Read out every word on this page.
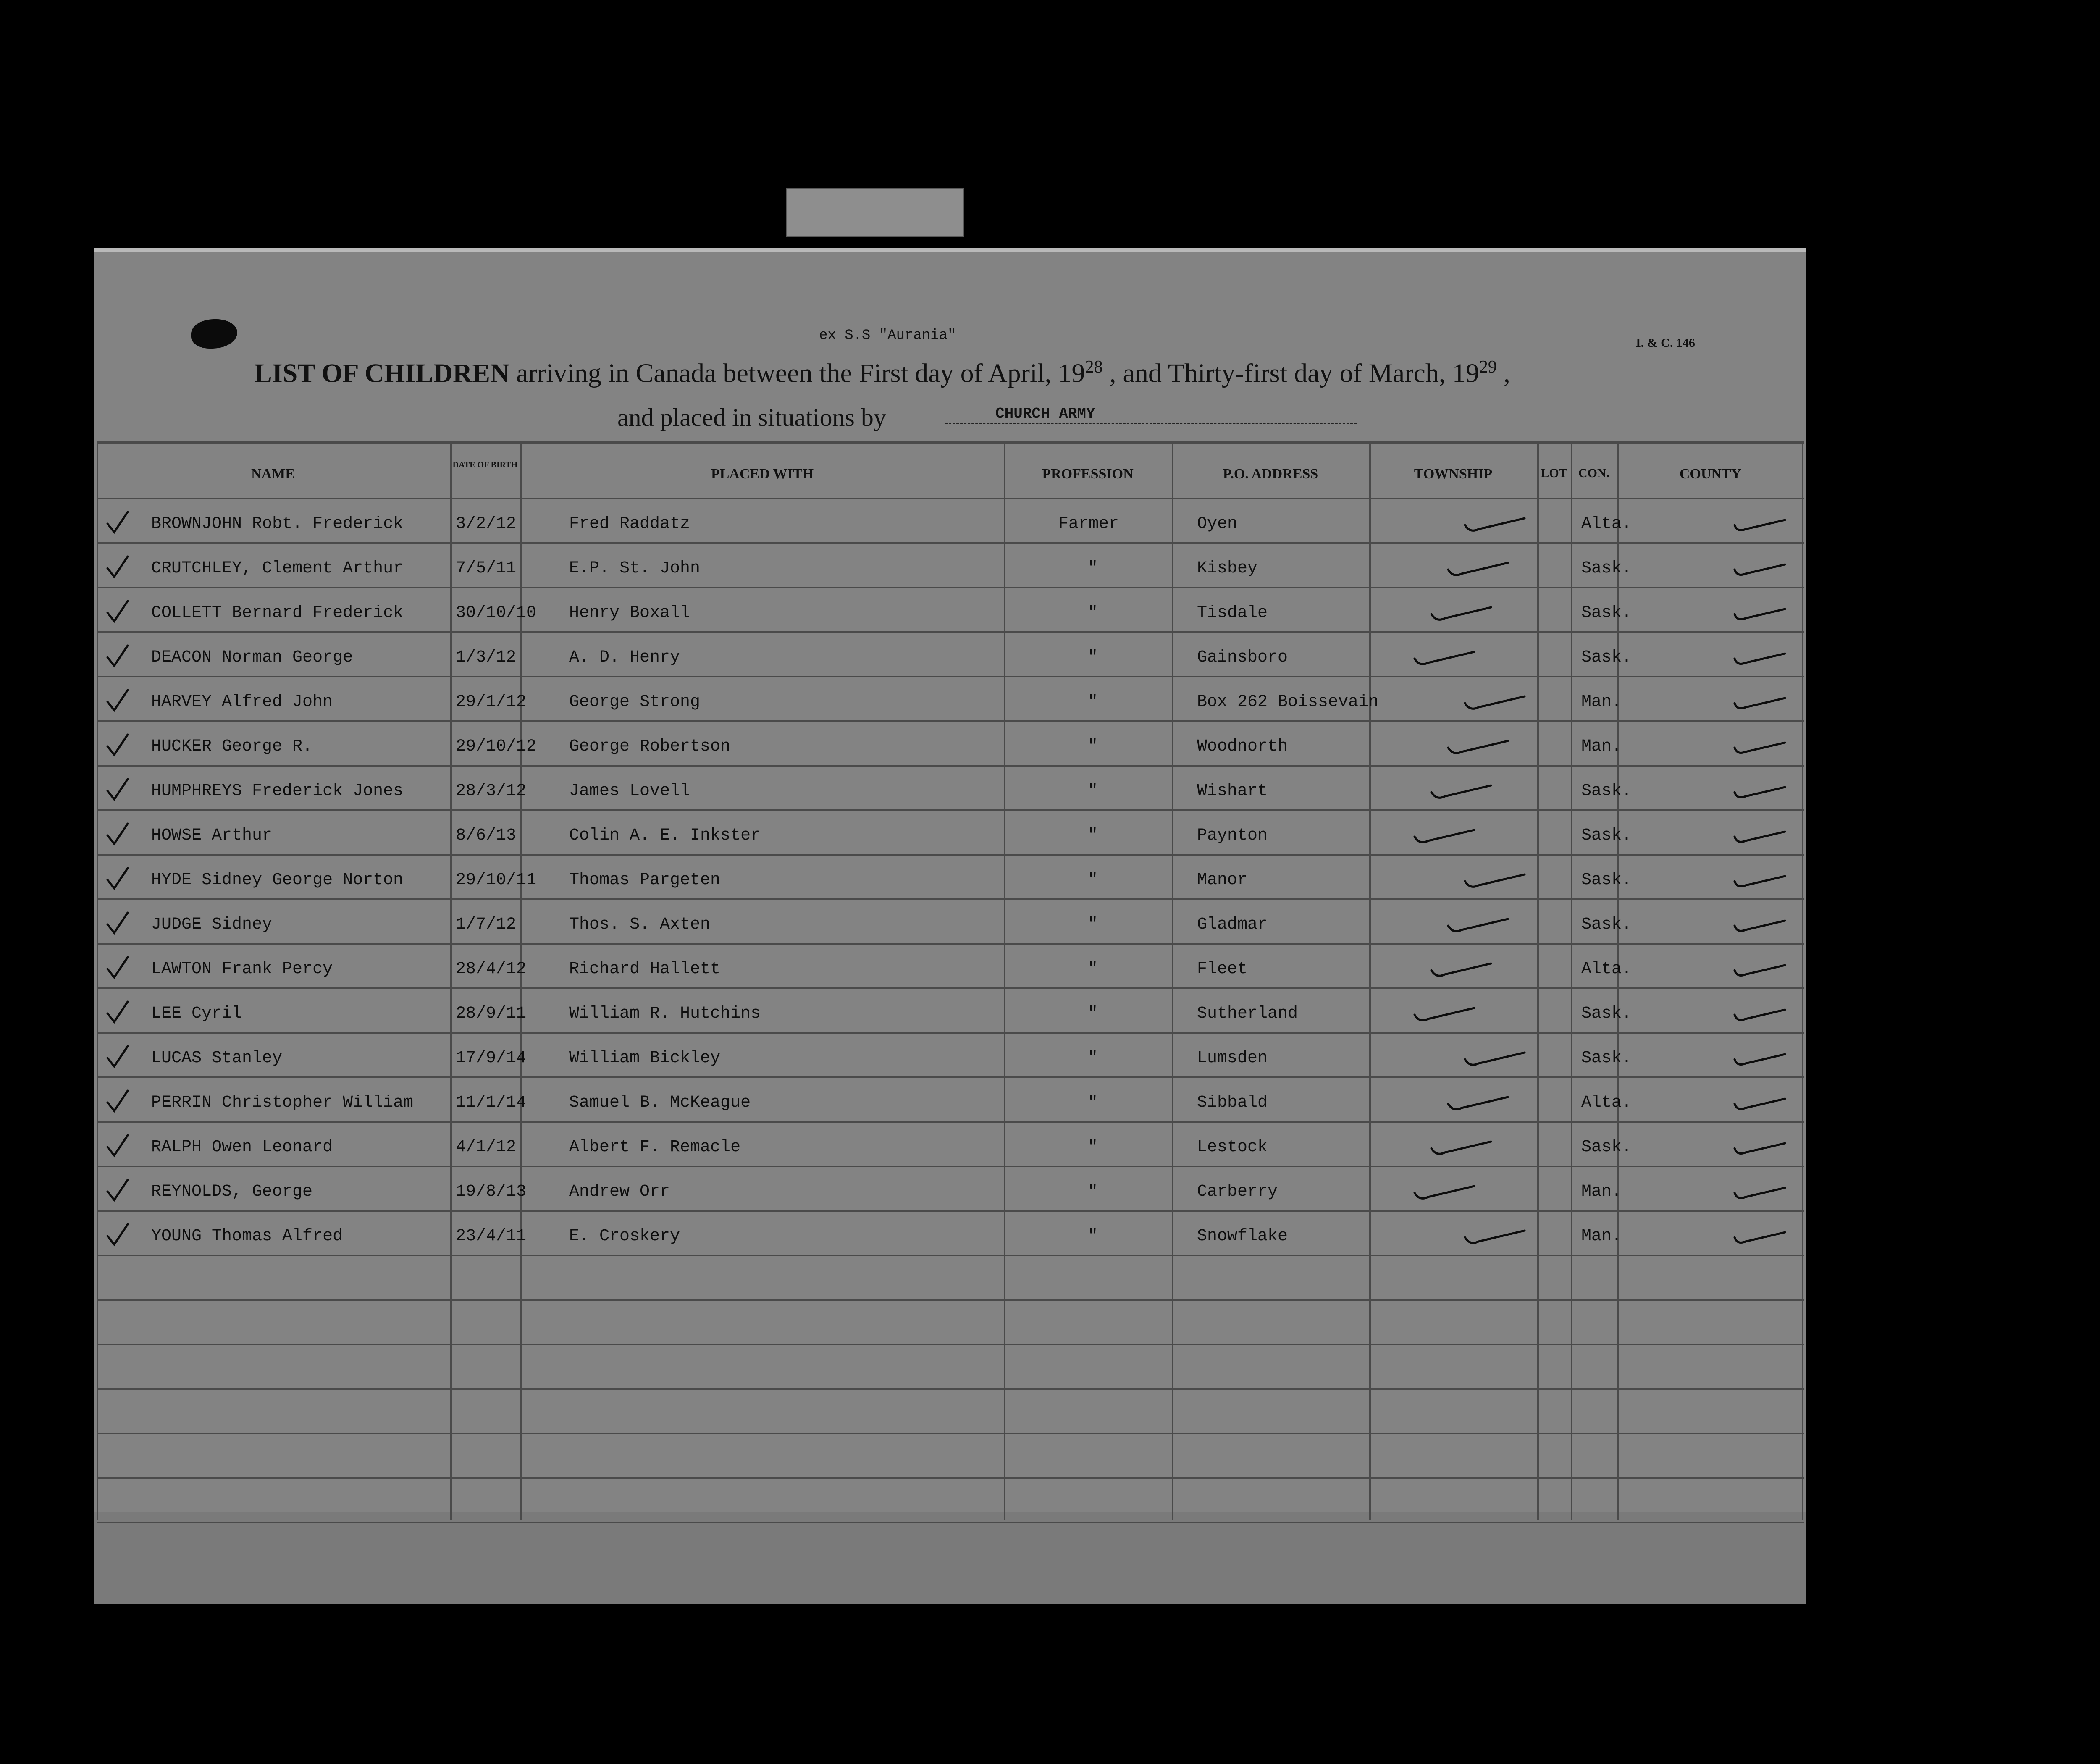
ex S.S "Aurania"	I. & C. 146
LIST OF CHILDREN arriving in Canada between the First day of April, $19^{28}$ , and Thirty-first day of March, $19^{29}$ ,
and placed in situations by	CHURCH ARMY
NAME
DATE OF BIRTH
PLACED WITH	PROFESSION	P.O. ADDRESS	TOWNSHIP	LOT CON.	COUNTY
BROWNJOHN Robt. Frederick	3/2/12	Fred Raddatz	Farmer	Oyen	Alta.
CRUTCHLEY, Clement Arthur	7/5/11	E.P. St. John	"	Kisbey	Sask.
COLLETT Bernard Frederick	30/10/10 Henry Boxall	"	Tisdale	Sask.
DEACON Norman George	1/3/12	A. D. Henry	"	Gainsboro	Sask.
HARVEY Alfred John	29/1/12	George Strong	"	Box 262 Boissevain	Man.
HUCKER George R.	29/10/12 George Robertson	"	Woodnorth	Man.
HUMPHREYS Frederick Jones	28/3/12	James Lovell	"	Wishart	Sask.
HOWSE Arthur	8/6/13	Colin A. E. Inkster	"	Paynton	Sask.
HYDE Sidney George Norton	29/10/11 Thomas Pargeten	"	Manor	Sask.
JUDGE Sidney	1/7/12	Thos. S. Axten	"	Gladmar	Sask.
LAWTON Frank Percy	28/4/12	Richard Hallett	"	Fleet	Alta.
LEE Cyril	28/9/11	William R. Hutchins	"	Sutherland	Sask.
LUCAS Stanley	17/9/14	William Bickley	"	Lumsden	Sask.
PERRIN Christopher William	11/1/14	Samuel B. McKeague	"	Sibbald	Alta.
RALPH Owen Leonard	4/1/12	Albert F. Remacle	"	Lestock	Sask.
REYNOLDS, George	19/8/13	Andrew Orr	"	Carberry	Man.
YOUNG Thomas Alfred	23/4/11	E. Croskery	"	Snowflake	Man.
